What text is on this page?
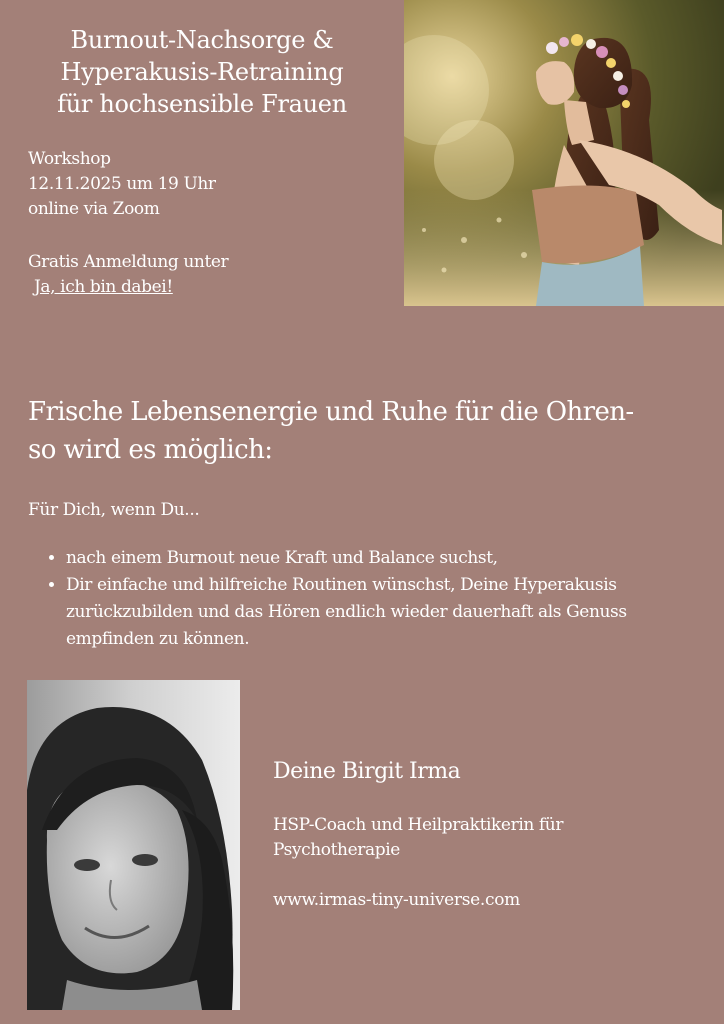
Burnout-Nachsorge &
Hyperakusis-Retraining
für hochsensible Frauen
Workshop
12.11.2025 um 19 Uhr
online via Zoom
Gratis Anmeldung unter
Ja, ich bin dabei!
Frische Lebensenergie und Ruhe für die Ohren-
so wird es möglich:
Für Dich, wenn Du...
• nach einem Burnout neue Kraft und Balance suchst,
• Dir einfache und hilfreiche Routinen wünschst, Deine Hyperakusis zurückzubilden und das Hören endlich wieder dauerhaft als Genuss empfinden zu können.
Deine Birgit Irma
HSP-Coach und Heilpraktikerin für Psychotherapie
www.irmas-tiny-universe.com
